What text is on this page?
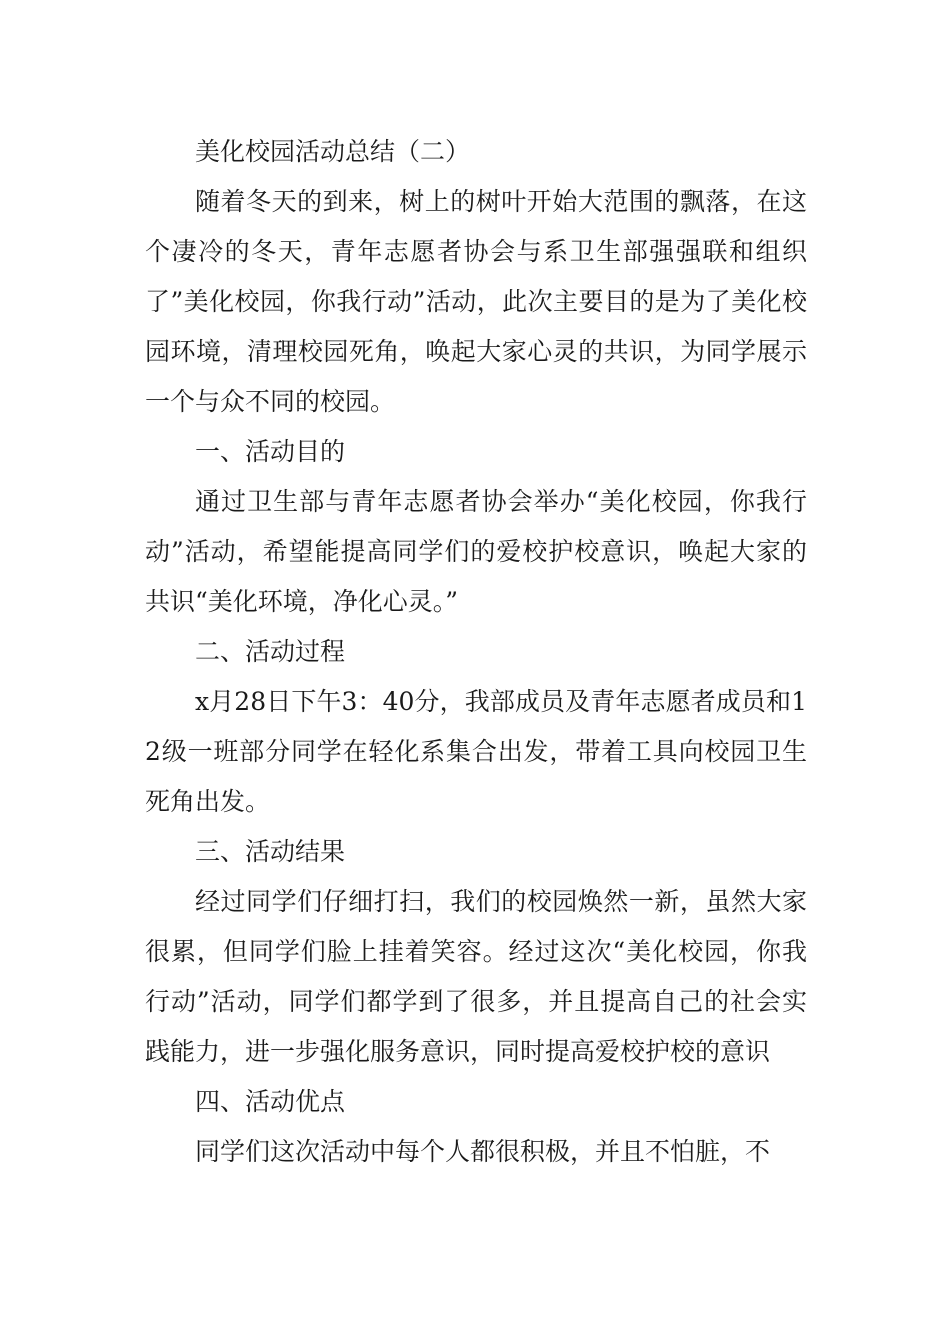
美化校园活动总结（二）

随着冬天的到来，树上的树叶开始大范围的飘落，在这个凄冷的冬天，青年志愿者协会与系卫生部强强联和组织了”美化校园，你我行动”活动，此次主要目的是为了美化校园环境，清理校园死角，唤起大家心灵的共识，为同学展示一个与众不同的校园。

一、活动目的

通过卫生部与青年志愿者协会举办“美化校园，你我行动”活动，希望能提高同学们的爱校护校意识，唤起大家的共识“美化环境，净化心灵。”

二、活动过程

x月28日下午3：40分，我部成员及青年志愿者成员和12级一班部分同学在轻化系集合出发，带着工具向校园卫生死角出发。

三、活动结果

经过同学们仔细打扫，我们的校园焕然一新，虽然大家很累，但同学们脸上挂着笑容。经过这次“美化校园，你我行动”活动，同学们都学到了很多，并且提高自己的社会实践能力，进一步强化服务意识，同时提高爱校护校的意识

四、活动优点

同学们这次活动中每个人都很积极，并且不怕脏，不
